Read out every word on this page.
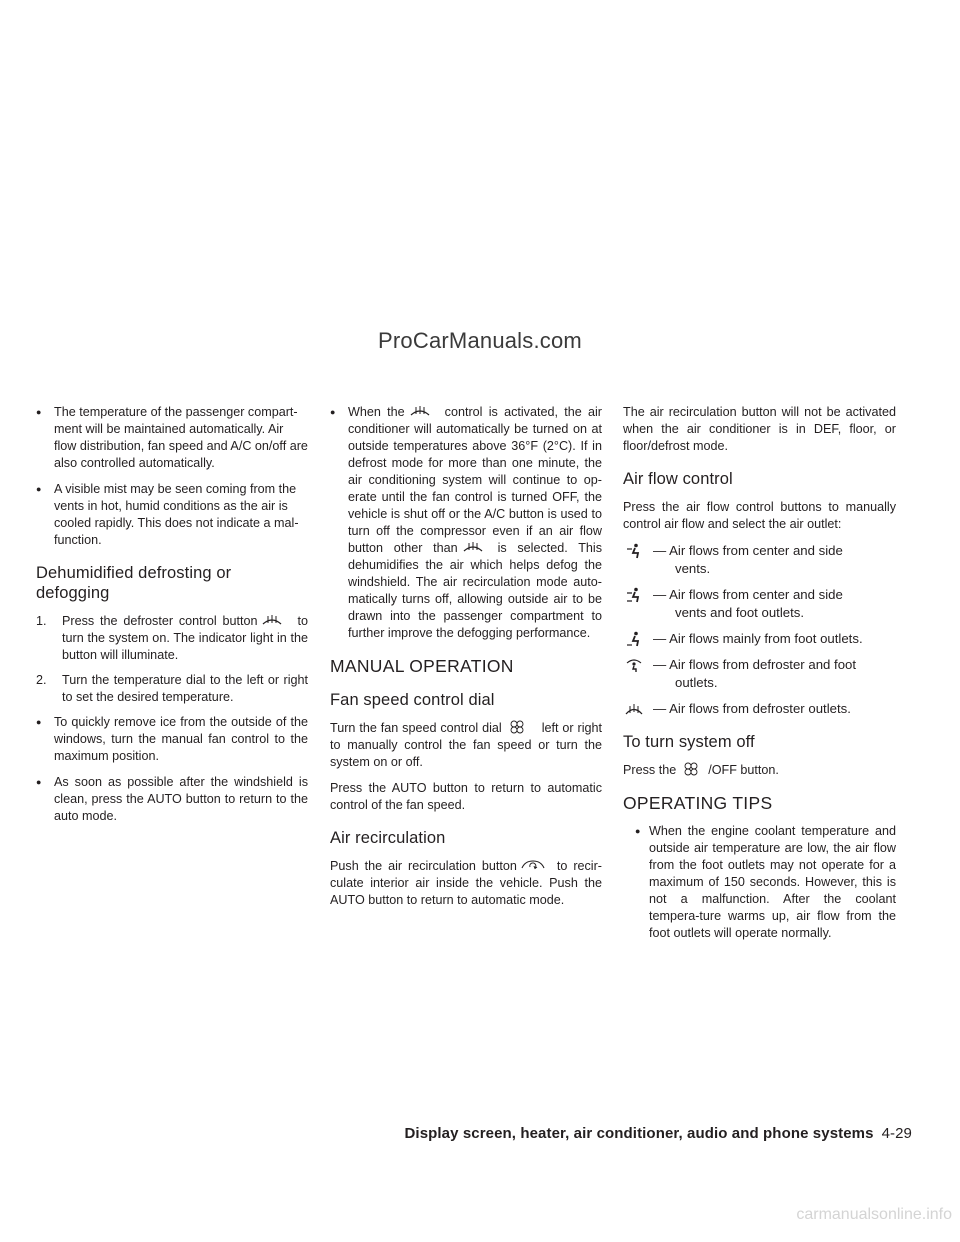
ProCarManuals.com
● The temperature of the passenger compart-ment will be maintained automatically. Air flow distribution, fan speed and A/C on/off are also controlled automatically.
● A visible mist may be seen coming from the vents in hot, humid conditions as the air is cooled rapidly. This does not indicate a mal-function.
Dehumidified defrosting or defogging
1. Press the defroster control button	to turn the system on. The indicator light in the button will illuminate.
2. Turn the temperature dial to the left or right to set the desired temperature.
● To quickly remove ice from the outside of the windows, turn the manual fan control to the maximum position.
● As soon as possible after the windshield is clean, press the AUTO button to return to the auto mode.
● When the	control is activated, the air conditioner will automatically be turned on at outside temperatures above 36°F (2°C). If in defrost mode for more than one minute, the air conditioning system will continue to op-erate until the fan control is turned OFF, the vehicle is shut off or the A/C button is used to turn off the compressor even if an air flow button other than	is selected. This dehumidifies the air which helps defog the windshield. The air recirculation mode auto-matically turns off, allowing outside air to be drawn into the passenger compartment to further improve the defogging performance.
MANUAL OPERATION
Fan speed control dial

Turn the fan speed control dial	left or right to manually control the fan speed or turn the system on or off.

Press the AUTO button to return to automatic control of the fan speed.

Air recirculation

Push the air recirculation button	to recir-culate interior air inside the vehicle. Push the AUTO button to return to automatic mode.

The air recirculation button will not be activated when the air conditioner is in DEF, floor, or floor/defrost mode.

Air flow control

Press the air flow control buttons to manually control air flow and select the air outlet:

— Air flows from center and side
vents.
— Air flows from center and side
vents and foot outlets.
— Air flows mainly from foot outlets.
— Air flows from defroster and foot
outlets.
— Air flows from defroster outlets.
To turn system off

Press the	/OFF button.

OPERATING TIPS
● When the engine coolant temperature and outside air temperature are low, the air flow from the foot outlets may not operate for a maximum of 150 seconds. However, this is not a malfunction. After the coolant tempera-ture warms up, air flow from the foot outlets will operate normally.
Display screen, heater, air conditioner, audio and phone systems 4-29
carmanualsonline.info
